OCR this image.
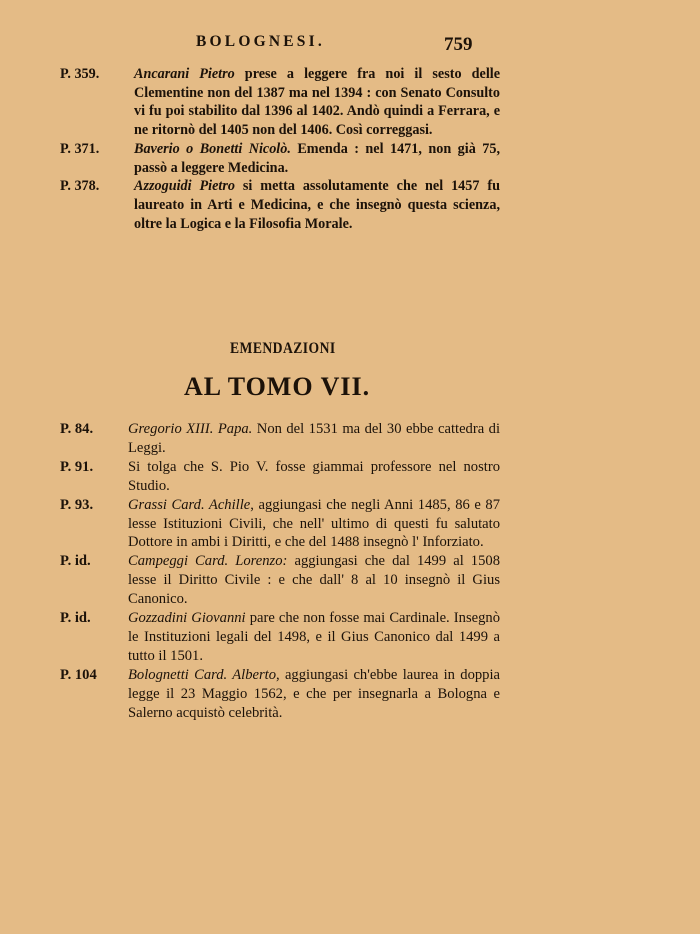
BOLOGNESI.	759

P. 359.	Ancarani Pietro prese a leggere fra noi il sesto delle Clementine non del 1387 ma nel 1394 : con Senato Consulto vi fu poi stabilito dal 1396 al 1402. Andò quindi a Ferrara, e ne ritornò del 1405 non del 1406. Così correggasi.

P. 371.	Baverio o Bonetti Nicolò. Emenda : nel 1471, non già 75, passò a leggere Medicina.

P. 378.	Azzoguidi Pietro si metta assolutamente che nel 1457 fu laureato in Arti e Medicina, e che insegnò questa scienza, oltre la Logica e la Filosofia Morale.

EMENDAZIONI
AL TOMO VII.

P. 84.	Gregorio XIII. Papa. Non del 1531 ma del 30 ebbe cattedra di Leggi.

P. 91.	Si tolga che S. Pio V. fosse giammai professore nel nostro Studio.

P. 93.	Grassi Card. Achille, aggiungasi che negli Anni 1485, 86 e 87 lesse Istituzioni Civili, che nell' ultimo di questi fu salutato Dottore in ambi i Diritti, e che del 1488 insegnò l' Inforziato.

P. id.	Campeggi Card. Lorenzo: aggiungasi che dal 1499 al 1508 lesse il Diritto Civile : e che dall' 8 al 10 insegnò il Gius Canonico.

P. id.	Gozzadini Giovanni pare che non fosse mai Cardinale. Insegnò le Instituzioni legali del 1498, e il Gius Canonico dal 1499 a tutto il 1501.

P. 104	Bolognetti Card. Alberto, aggiungasi ch'ebbe laurea in doppia legge il 23 Maggio 1562, e che per insegnarla a Bologna e Salerno acquistò celebrità.
